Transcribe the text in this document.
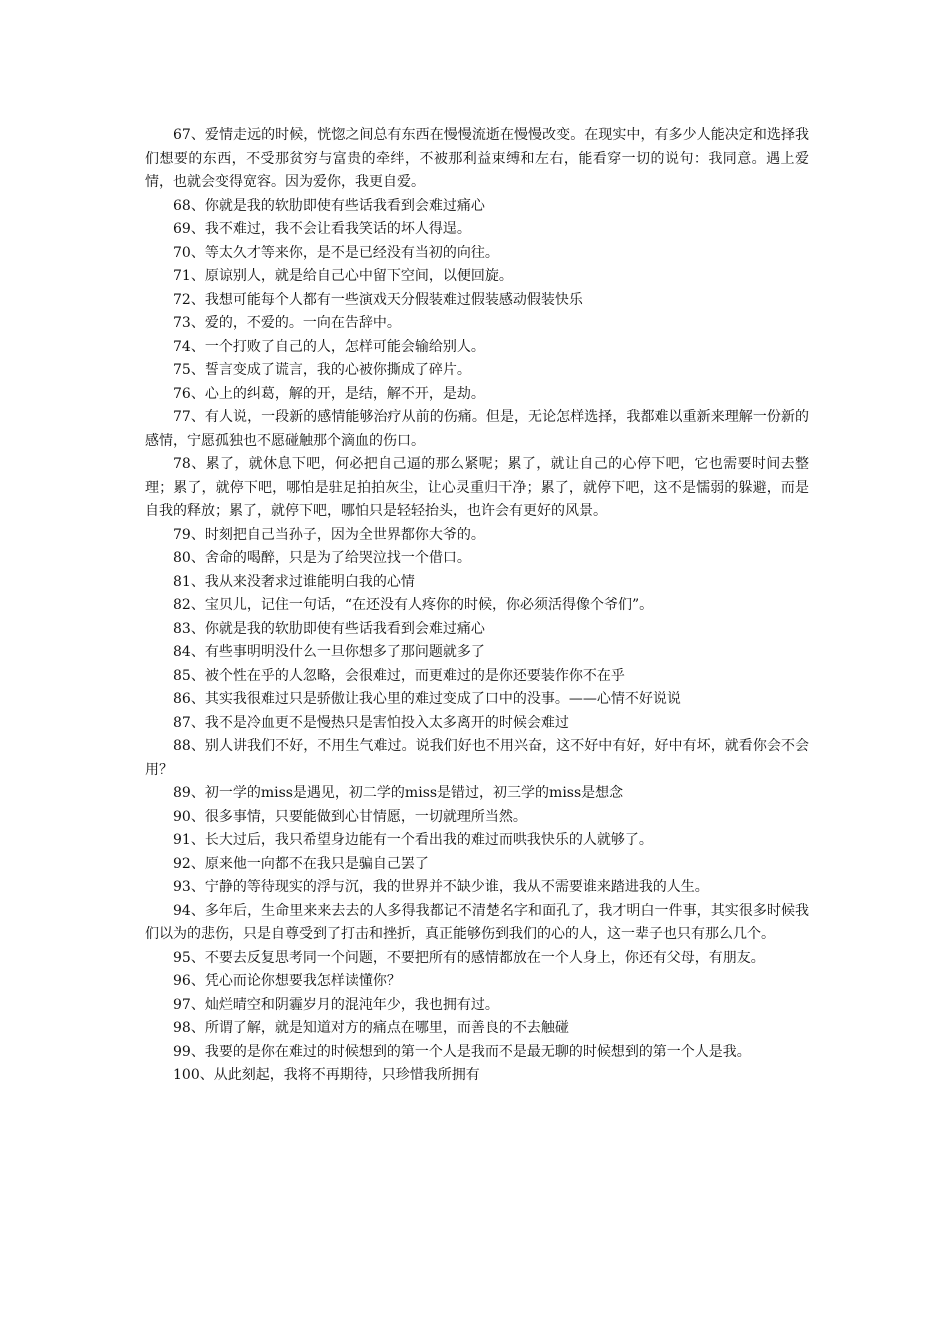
67、爱情走远的时候，恍惚之间总有东西在慢慢流逝在慢慢改变。在现实中，有多少人能决定和选择我们想要的东西，不受那贫穷与富贵的牵绊，不被那利益束缚和左右，能看穿一切的说句：我同意。遇上爱情，也就会变得宽容。因为爱你，我更自爱。

68、你就是我的软肋即使有些话我看到会难过痛心

69、我不难过，我不会让看我笑话的坏人得逞。

70、等太久才等来你，是不是已经没有当初的向往。

71、原谅别人，就是给自己心中留下空间，以便回旋。

72、我想可能每个人都有一些演戏天分假装难过假装感动假装快乐

73、爱的，不爱的。一向在告辞中。

74、一个打败了自己的人，怎样可能会输给别人。

75、誓言变成了谎言，我的心被你撕成了碎片。

76、心上的纠葛，解的开，是结，解不开，是劫。

77、有人说，一段新的感情能够治疗从前的伤痛。但是，无论怎样选择，我都难以重新来理解一份新的感情，宁愿孤独也不愿碰触那个滴血的伤口。

78、累了，就休息下吧，何必把自己逼的那么紧呢；累了，就让自己的心停下吧，它也需要时间去整理；累了，就停下吧，哪怕是驻足拍拍灰尘，让心灵重归干净；累了，就停下吧，这不是懦弱的躲避，而是自我的释放；累了，就停下吧，哪怕只是轻轻抬头，也许会有更好的风景。

79、时刻把自己当孙子，因为全世界都你大爷的。

80、舍命的喝醉，只是为了给哭泣找一个借口。

81、我从来没奢求过谁能明白我的心情

82、宝贝儿，记住一句话，“在还没有人疼你的时候，你必须活得像个爷们”。

83、你就是我的软肋即使有些话我看到会难过痛心

84、有些事明明没什么一旦你想多了那问题就多了

85、被个性在乎的人忽略，会很难过，而更难过的是你还要装作你不在乎

86、其实我很难过只是骄傲让我心里的难过变成了口中的没事。——心情不好说说

87、我不是冷血更不是慢热只是害怕投入太多离开的时候会难过

88、别人讲我们不好，不用生气难过。说我们好也不用兴奋，这不好中有好，好中有坏，就看你会不会用？

89、初一学的miss是遇见，初二学的miss是错过，初三学的miss是想念

90、很多事情，只要能做到心甘情愿，一切就理所当然。

91、长大过后，我只希望身边能有一个看出我的难过而哄我快乐的人就够了。

92、原来他一向都不在我只是骗自己罢了

93、宁静的等待现实的浮与沉，我的世界并不缺少谁，我从不需要谁来踏进我的人生。

94、多年后，生命里来来去去的人多得我都记不清楚名字和面孔了，我才明白一件事，其实很多时候我们以为的悲伤，只是自尊受到了打击和挫折，真正能够伤到我们的心的人，这一辈子也只有那么几个。

95、不要去反复思考同一个问题，不要把所有的感情都放在一个人身上，你还有父母，有朋友。

96、凭心而论你想要我怎样读懂你？

97、灿烂晴空和阴霾岁月的混沌年少，我也拥有过。

98、所谓了解，就是知道对方的痛点在哪里，而善良的不去触碰

99、我要的是你在难过的时候想到的第一个人是我而不是最无聊的时候想到的第一个人是我。

100、从此刻起，我将不再期待，只珍惜我所拥有
